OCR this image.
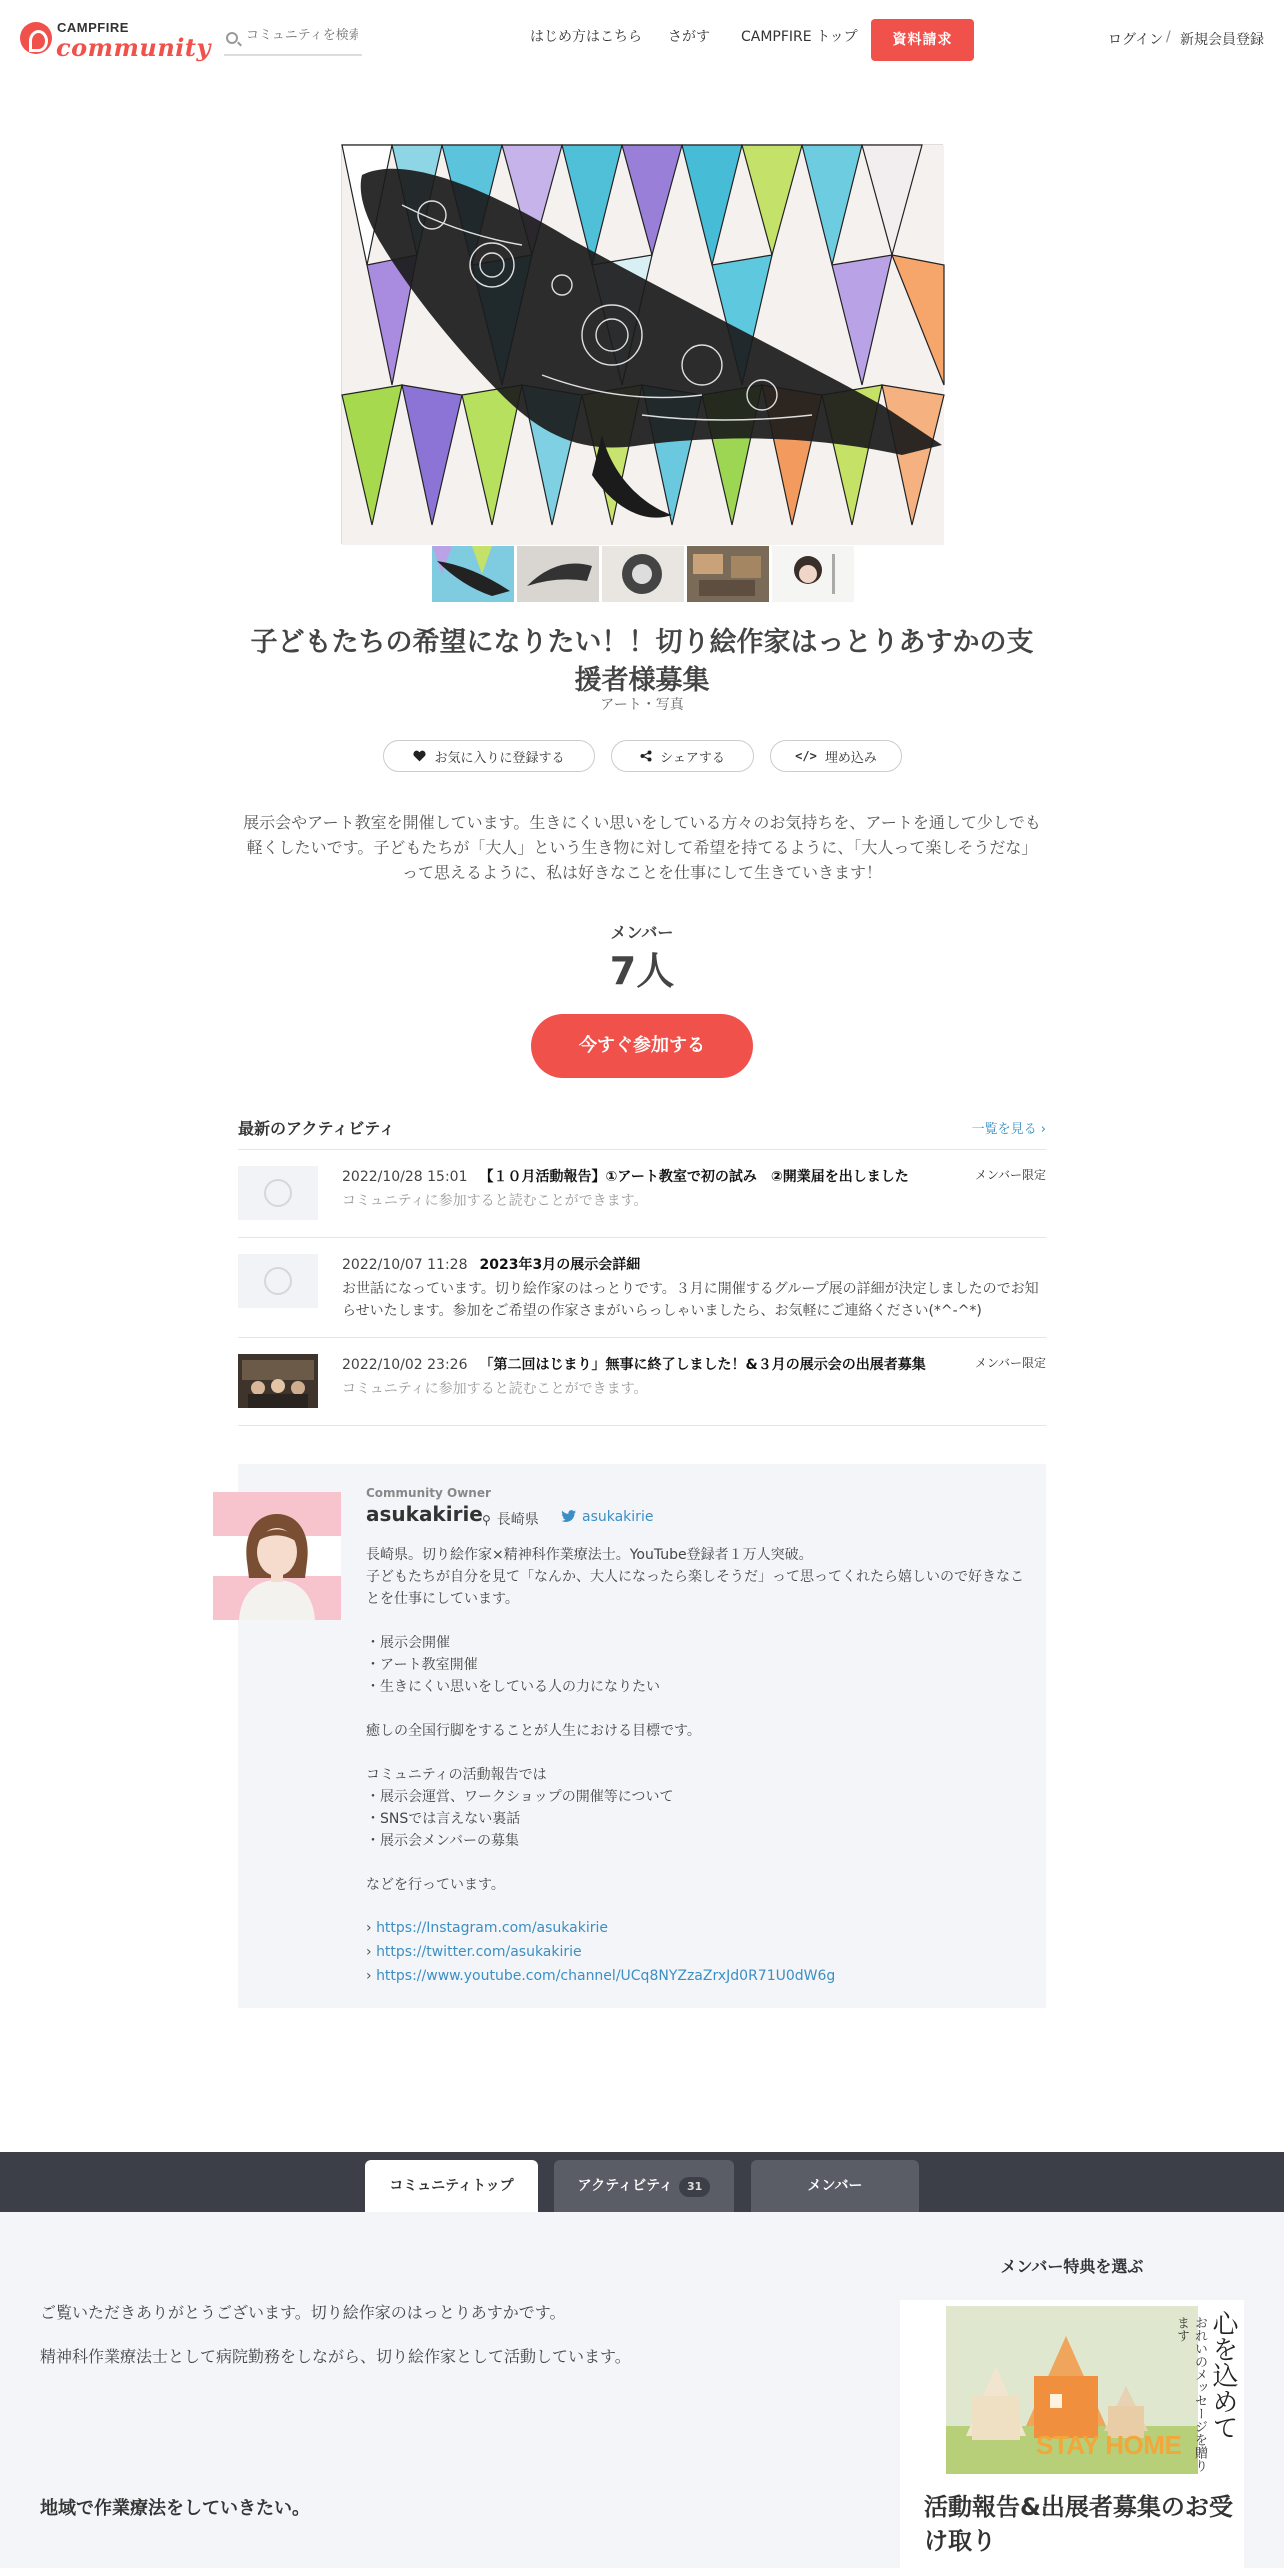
CAMPFIRE
community
コミュニティを検索	はじめ方はこちら さがす CAMPFIRE トップ	資料請求	ログイン / 新規会員登録
子どもたちの希望になりたい！！切り絵作家はっとりあすかの支援者様募集
アート・写真
お気に入りに登録する	シェアする	</> 埋め込み
展示会やアート教室を開催しています。生きにくい思いをしている方々のお気持ちを、アートを通して少しでも軽くしたいです。子どもたちが「大人」という生き物に対して希望を持てるように、「大人って楽しそうだな」って思えるように、私は好きなことを仕事にして生きていきます！
メンバー
7人
今すぐ参加する
最新のアクティビティ	一覧を見る ›
2022/10/28 15:01 【１０月活動報告】①アート教室で初の試み　②開業届を出しました
コミュニティに参加すると読むことができます。
メンバー限定
2022/10/07 11:28 2023年3月の展示会詳細
お世話になっています。切り絵作家のはっとりです。３月に開催するグループ展の詳細が決定しましたのでお知らせいたします。参加をご希望の作家さまがいらっしゃいましたら、お気軽にご連絡ください(*^-^*)
2022/10/02 23:26 「第二回はじまり」無事に終了しました！&３月の展示会の出展者募集
コミュニティに参加すると読むことができます。
メンバー限定
Community Owner
asukakirie ⚲ 長崎県	asukakirie
長崎県。切り絵作家×精神科作業療法士。YouTube登録者１万人突破。
子どもたちが自分を見て「なんか、大人になったら楽しそうだ」って思ってくれたら嬉しいので好きなことを仕事にしています。
・展示会開催
・アート教室開催
・生きにくい思いをしている人の力になりたい
癒しの全国行脚をすることが人生における目標です。
コミュニティの活動報告では
・展示会運営、ワークショップの開催等について
・SNSでは言えない裏話
・展示会メンバーの募集
などを行っています。
› https://Instagram.com/asukakirie
› https://twitter.com/asukakirie
› https://www.youtube.com/channel/UCq8NYZzaZrxJd0R71U0dW6g
コミュニティトップ	アクティビティ 31	メンバー
ご覧いただきありがとうございます。切り絵作家のはっとりあすかです。
精神科作業療法士として病院勤務をしながら、切り絵作家として活動しています。
地域で作業療法をしていきたい。
メンバー特典を選ぶ
STAY HOME
心を込めて
おれいのメッセージを贈ります
活動報告&出展者募集のお受け取り
